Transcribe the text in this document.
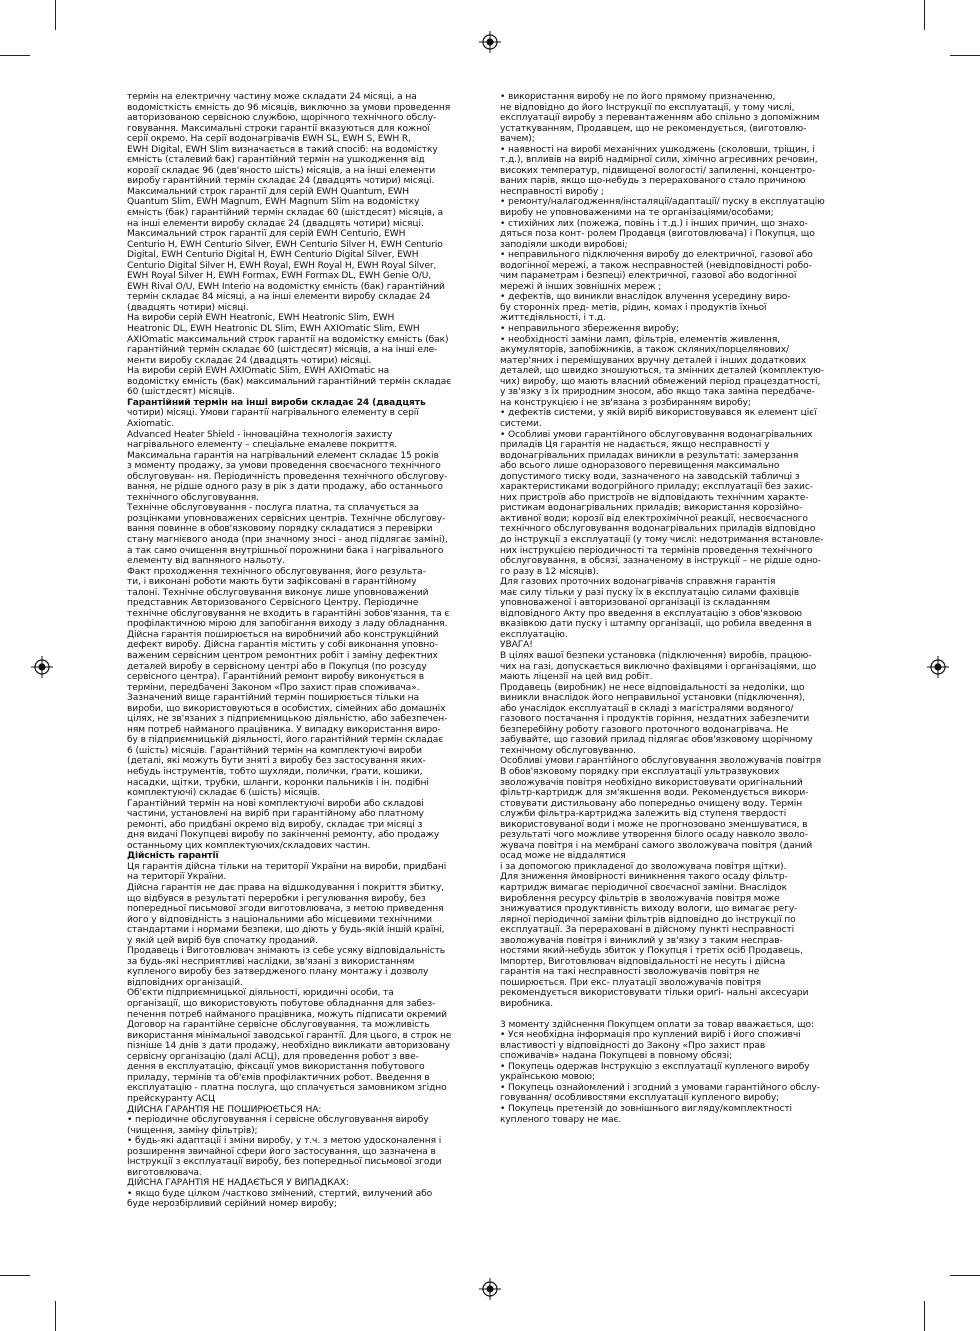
термін на електричну частину може складати 24 місяці, а на

водомісткість ємність до 96 місяців, виключно за умови проведення

авторизованою сервісною службою, щорічного технічного обслу-

говування. Максимальні строки гарантії вказуються для кожної

серії окремо. На серії водонагрівачів EWH SL, EWH S, EWH R,

EWH Digital, EWH Slim визначається в такий спосіб: на водомістку

ємність (сталевий бак) гарантійний термін на ушкодження від

корозії складає 96 (дев'яносто шість) місяців, а на інші елементи

виробу гарантійний термін складає 24 (двадцять чотири) місяці.

Максимальний строк гарантії для серій EWH Quantum, EWH

Quantum Slim, EWH Magnum, EWH Magnum Slim на водомістку

ємність (бак) гарантійний термін складає 60 (шістдесят) місяців, а

на інші елементи виробу складає 24 (двадцять чотири) місяці.

Максимальний строк гарантії для серій EWH Centurio, EWH

Centurio H, EWH Centurio Silver, EWH Centurio Silver H, EWH Centurio

Digital, EWH Centurio Digital H, EWH Centurio Digital Silver, EWH

Centurio Digital Silver H, EWH Royal, EWH Royal H, EWH Royal Silver,

EWH Royal Silver H, EWH Formax, EWH Formax DL, EWH Genie O/U,

EWH Rival O/U, EWH Interio на водомістку ємність (бак) гарантійний

термін складає 84 місяці, а на інші елементи виробу складає 24

(двадцять чотири) місяці.

На вироби серій EWH Heatronic, EWH Heatronic Slim, EWH

Heatronic DL, EWH Heatronic DL Slim, EWH AXIOmatic Slim, EWH

AXIOmatic максимальний строк гарантії на водомістку ємність (бак)

гарантійний термін складає 60 (шістдесят) місяців, а на інші еле-

менти виробу складає 24 (двадцять чотири) місяці.

На вироби серій EWH AXIOmatic Slim, EWH AXIOmatic на

водомістку ємність (бак) максимальний гарантійний термін складає

60 (шістдесят) місяців.

Гарантійний термін на інші вироби складає 24 (двадцять

чотири) місяці. Умови гарантії нагрівального елементу в серії

Axiomatic.

Advanced Heater Shield - інноваційна технологія захисту

нагрівального елементу – спеціальне емалеве покриття.

Максимальна гарантія на нагрівальний елемент складає 15 років

з моменту продажу, за умови проведення своєчасного технічного

обслуговуван- ня. Періодичність проведення технічного обслугову-

вання, не рідше одного разу в рік з дати продажу, або останнього

технічного обслуговування.

Технічне обслуговування - послуга платна, та сплачується за

розцінками уповноважених сервісних центрів. Технічне обслугову-

вання повинне в обов'язковому порядку складатися з перевірки

стану магнієвого анода (при значному зносі - анод підлягає заміні),

а так само очищення внутрішньої порожнини бака і нагрівального

елементу від вапняного нальоту.

Факт проходження технічного обслуговування, його результа-

ти, і виконані роботи мають бути зафіксовані в гарантійному

талоні. Технічне обслуговування виконує лише уповноважений

представник Авторизованого Сервісного Центру. Періодичне

технічне обслуговування не входить в гарантійні зобов'язання, та є

профілактичною мірою для запобігання виходу з ладу обладнання.

Дійсна гарантія поширюється на виробничий або конструкційний

дефект виробу. Дійсна гарантія містить у собі виконання уповно-

важеним сервісним центром ремонтних робіт і заміну дефектних

деталей виробу в сервісному центрі або в Покупця (по розсуду

сервісного центра). Гарантійний ремонт виробу виконується в

терміни, передбачені Законом «Про захист прав споживача».

Зазначений вище гарантійний термін поширюється тільки на

вироби, що використовуються в особистих, сімейних або домашніх

цілях, не зв'язаних з підприємницькою діяльністю, або забезпечен-

ням потреб найманого працівника. У випадку використання виро-

бу в підприємницькій діяльності, його гарантійний термін складає

6 (шість) місяців. Гарантійний термін на комплектуючі вироби

(деталі, які можуть бути зняті з виробу без застосування яких-

небудь інструментів, тобто шухляди, полички, ґрати, кошики,

насадки, щітки, трубки, шланги, коронки пальників і ін. подібні

комплектуючі) складає 6 (шість) місяців.

Гарантійний термін на нові комплектуючі вироби або складові

частини, установлені на виріб при гарантійному або платному

ремонті, або придбані окремо від виробу, складає три місяці з

дня видачі Покупцеві виробу по закінченні ремонту, або продажу

останньому цих комплектуючих/складових частин.

Дійсність гарантії

Ця гарантія дійсна тільки на території України на вироби, придбані

на території України.

Дійсна гарантія не дає права на відшкодування і покриття збитку,

що відбувся в результаті переробки і регулювання виробу, без

попередньої письмової згоди виготовлювача, з метою приведення

його у відповідність з національними або місцевими технічними

стандартами і нормами безпеки, що діють у будь-якій іншій країні,

у якій цей виріб був спочатку проданий.

Продавець і Виготовлювач знімають із себе усяку відповідальність

за будь-які несприятливі наслідки, зв'язані з використанням

купленого виробу без затвердженого плану монтажу і дозволу

відповідних організацій.

Об'єкти підприємницької діяльності, юридичні особи, та

організації, що використовують побутове обладнання для забез-

печення потреб найманого працівника, можуть підписати окремий

Договор на гарантійне сервісне обслуговування, та можливість

використання мінімальної заводської гарантії. Для цього, в строк не

пізніше 14 днів з дати продажу, необхідно викликати авторизовану

сервісну організацію (далі АСЦ), для проведення робот з вве-

дення в експлуатацію, фіксації умов використання побутового

приладу, термінів та об'ємів профілактичних робот. Введення в

експлуатацію - платна послуга, що сплачується замовником згідно

прейскуранту АСЦ

ДІЙСНА ГАРАНТІЯ НЕ ПОШИРЮЄТЬСЯ НА:

• періодичне обслуговування і сервісне обслуговування виробу

(чищення, заміну фільтрів);

• будь-які адаптації і зміни виробу, у т.ч. з метою удосконалення і

розширення звичайної сфери його застосування, що зазначена в

Інструкції з експлуатації виробу, без попередньої письмової згоди

виготовлювача.

ДІЙСНА ГАРАНТІЯ НЕ НАДАЄТЬСЯ У ВИПАДКАХ:

• якщо буде цілком /частково змінений, стертий, вилучений або

буде нерозбірливий серійний номер виробу;

• використання виробу не по його прямому призначенню,

не відповідно до його Інструкції по експлуатації, у тому числі,

експлуатації виробу з перевантаженням або спільно з допоміжним

устаткуванням, Продавцем, що не рекомендується, (виготовлю-

вачем);

• наявності на виробі механічних ушкоджень (сколовши, тріщин, і

т.д.), впливів на виріб надмірної сили, хімічно агресивних речовин,

високих температур, підвищеної вологості/ запиленні, концентро-

ваних парів, якщо що-небудь з перерахованого стало причиною

несправності виробу ;

• ремонту/налагодження/інсталяції/адаптації/ пуску в експлуатацію

виробу не уповноваженими на те організаціями/особами;

• стихійних лих (пожежа, повінь і т.д.) і інших причин, що знахо-

дяться поза конт- ролем Продавця (виготовлювача) і Покупця, що

заподіяли шкоди виробові;

• неправильного підключення виробу до електричної, газової або

водогінної мережі, а також несправностей (невідповідності робо-

чим параметрам і безпеці) електричної, газової або водогінної

мережі й інших зовнішніх мереж ;

• дефектів, що виникли внаслідок влучення усередину виро-

бу сторонніх пред- метів, рідин, комах і продуктів їхньої

життєдіяльності, і т.д.

• неправильного збереження виробу;

• необхідності заміни ламп, фільтрів, елементів живлення,

акумуляторів, запобіжників, а також скляних/порцелянових/

матер'яних і переміщуваних вручну деталей і інших додаткових

деталей, що швидко зношуються, та змінних деталей (комплектую-

чих) виробу, що мають власний обмежений період працездатності,

у зв'язку з їх природним зносом, або якщо така заміна передбаче-

на конструкцією і не зв'язана з розбиранням виробу;

• дефектів системи, у якій виріб використовувався як елемент цієї

системи.

• Особливі умови гарантійного обслуговування водонагрівальних

приладів Ця гарантія не надається, якщо несправності у

водонагрівальних приладах виникли в результаті: замерзання

або всього лише одноразового перевищення максимально

допустимого тиску води, зазначеного на заводській табличці з

характеристиками водогрійного приладу; експлуатації без захис-

них пристроїв або пристроїв не відповідають технічним характе-

ристикам водонагрівальних приладів; використання корозійно-

активної води; корозії від електрохімічної реакції, несвоєчасного

технічного обслуговування водонагрівальних приладів відповідно

до інструкції з експлуатації (у тому числі: недотримання встановле-

них інструкцією періодичності та термінів проведення технічного

обслуговування, в обсязі, зазначеному в інструкції – не рідше одно-

го разу в 12 місяців).

Для газових проточних водонагрівачів справжня гарантія

має силу тільки у разі пуску їх в експлуатацію силами фахівців

уповноваженої і авторизованої організації із складанням

відповідного Акту про введення в експлуатацію з обов'язковою

вказівкою дати пуску і штампу організації, що робила введення в

експлуатацію.

УВАГА!

В цілях вашої безпеки установка (підключення) виробів, працюю-

чих на газі, допускається виключно фахівцями і організаціями, що

мають ліцензії на цей вид робіт.

Продавець (виробник) не несе відповідальності за недоліки, що

виникли внаслідок його неправильної установки (підключення),

або унаслідок експлуатації в складі з магістралями водяного/

газового постачання і продуктів горіння, нездатних забезпечити

безперебійну роботу газового проточного водонагрівача. Не

забувайте, що газовий прилад підлягає обов'язковому щорічному

технічному обслуговуванню.

Особливі умови гарантійного обслуговування зволожувачів повітря

В обов'язковому порядку при експлуатації ультразвукових

зволожувачів повітря необхідно використовувати оригінальний

фільтр-картридж для зм'якшення води. Рекомендується викори-

стовувати дистильовану або попередньо очищену воду. Термін

служби фільтра-картриджа залежить від ступеня твердості

використовуваної води і може не прогнозовано зменшуватися, в

результаті чого можливе утворення білого осаду навколо зволо-

жувача повітря і на мембрані самого зволожувача повітря (даний

осад може не віддалятися

і за допомогою прикладеної до зволожувача повітря щітки).

Для зниження ймовірності виникнення такого осаду фільтр-

картридж вимагає періодичної своєчасної заміни. Внаслідок

вироблення ресурсу фільтрів в зволожувачів повітря може

знижуватися продуктивність виходу вологи, що вимагає регу-

лярної періодичної заміни фільтрів відповідно до інструкції по

експлуатації. За перераховані в дійсному пункті несправності

зволожувачів повітря і виниклий у зв'язку з таким несправ-

ностями який-небудь збиток у Покупця і третіх осіб Продавець,

Імпортер, Виготовлювач відповідальності не несуть і дійсна

гарантія на такі несправності зволожувачів повітря не

поширюється. При екс- плуатації зволожувачів повітря

рекомендується використовувати тільки ориґі- нальні аксесуари

виробника.

3 моменту здійснення Покупцем оплати за товар вважається, що:

• Уся необхідна інформація про куплений виріб і його споживчі

властивості у відповідності до Закону «Про захист прав

споживачів» надана Покупцеві в повному обсязі;

• Покупець одержав Інструкцію з експлуатації купленого виробу

українською мовою;

• Покупець ознайомлений і згодний з умовами гарантійного обслу-

говування/ особливостями експлуатації купленого виробу;

• Покупець претензій до зовнішнього вигляду/комплектності

купленого товару не має.
